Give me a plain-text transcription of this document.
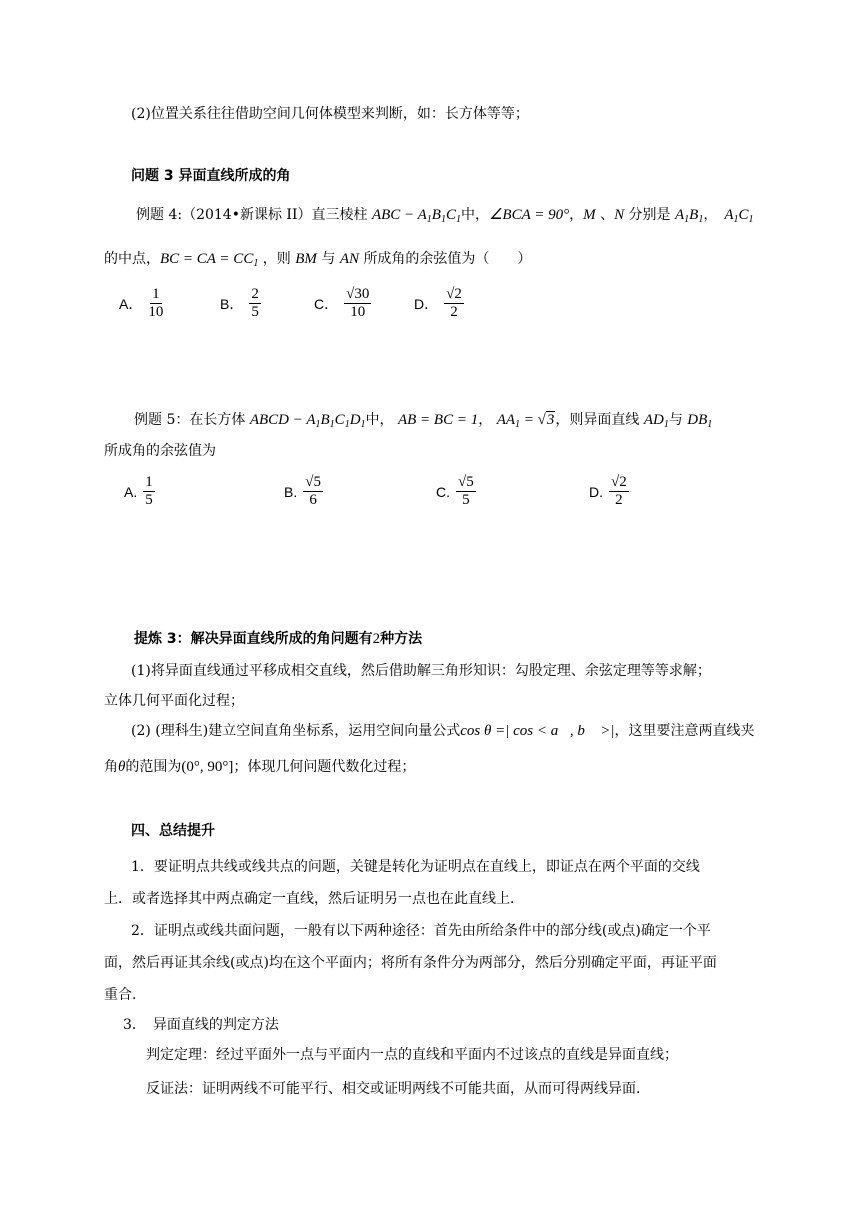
(2)位置关系往往借助空间几何体模型来判断，如：长方体等等；
问题 3 异面直线所成的角
例题 4:（2014•新课标 II）直三棱柱 ABC − $A_1B_1C_1$中，∠BCA = 90°，M 、N 分别是 $A_1B_1$，　 $A_1C_1$
的中点，BC = CA = $CC_1$ ，则 BM 与 AN 所成角的余弦值为（　　）
A． $\frac{1}{10}$	B． $\frac{2}{5}$	C． $\frac{√30}{10}$	D． $\frac{√2}{2}$
例题 5：在长方体 ABCD − $A_1B_1C_1D_1$中， AB = BC = 1， $AA_1 = √3$，则异面直线 $AD_1$与 $DB_1$
所成角的余弦值为
A. $\frac{1}{5}$	B. $\frac{√5}{6}$	C. $\frac{√5}{5}$	D. $\frac{√2}{2}$
提炼 3：解决异面直线所成的角问题有2种方法
(1)将异面直线通过平移成相交直线，然后借助解三角形知识：勾股定理、余弦定理等等求解；
立体几何平面化过程；
(2) (理科生)建立空间直角坐标系，运用空间向量公式cos θ =| cos < a⃗, b⃗ >|，这里要注意两直线夹
角θ的范围为(0°, 90°]；体现几何问题代数化过程；
四、总结提升
1．要证明点共线或线共点的问题，关键是转化为证明点在直线上，即证点在两个平面的交线
上．或者选择其中两点确定一直线，然后证明另一点也在此直线上．
2．证明点或线共面问题，一般有以下两种途径：首先由所给条件中的部分线(或点)确定一个平
面，然后再证其余线(或点)均在这个平面内；将所有条件分为两部分，然后分别确定平面，再证平面
重合．
3．　异面直线的判定方法
判定定理：经过平面外一点与平面内一点的直线和平面内不过该点的直线是异面直线；
反证法：证明两线不可能平行、相交或证明两线不可能共面，从而可得两线异面．
